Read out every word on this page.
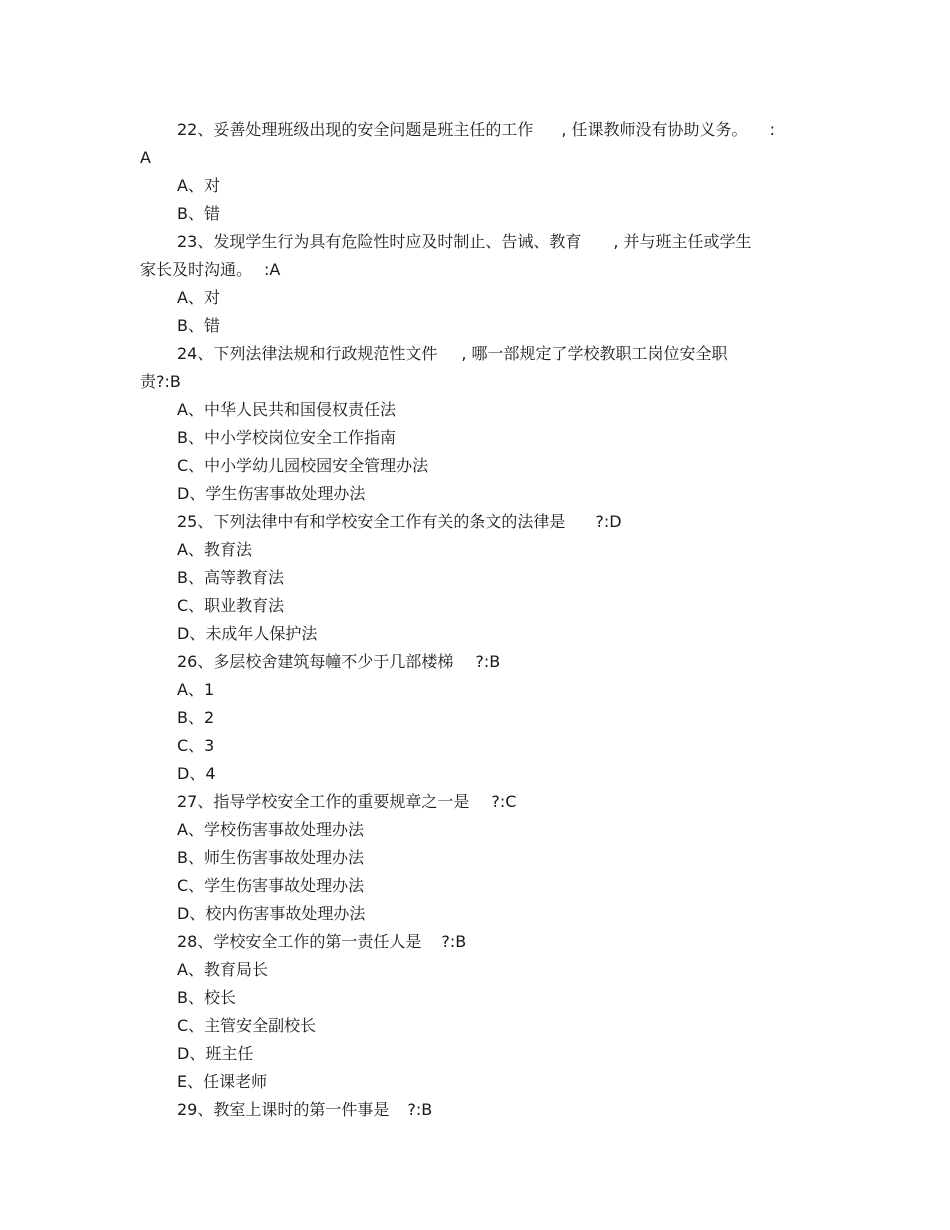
22、妥善处理班级出现的安全问题是班主任的工作 , 任课教师没有协助义务。 :
A
A、对
B、错
23、发现学生行为具有危险性时应及时制止、告诫、教育 , 并与班主任或学生
家长及时沟通。 :A
A、对
B、错
24、下列法律法规和行政规范性文件 , 哪一部规定了学校教职工岗位安全职
责?:B
A、中华人民共和国侵权责任法
B、中小学校岗位安全工作指南
C、中小学幼儿园校园安全管理办法
D、学生伤害事故处理办法
25、下列法律中有和学校安全工作有关的条文的法律是 ?:D
A、教育法
B、高等教育法
C、职业教育法
D、未成年人保护法
26、多层校舍建筑每幢不少于几部楼梯 ?:B
A、1
B、2
C、3
D、4
27、指导学校安全工作的重要规章之一是 ?:C
A、学校伤害事故处理办法
B、师生伤害事故处理办法
C、学生伤害事故处理办法
D、校内伤害事故处理办法
28、学校安全工作的第一责任人是 ?:B
A、教育局长
B、校长
C、主管安全副校长
D、班主任
E、任课老师
29、教室上课时的第一件事是 ?:B
